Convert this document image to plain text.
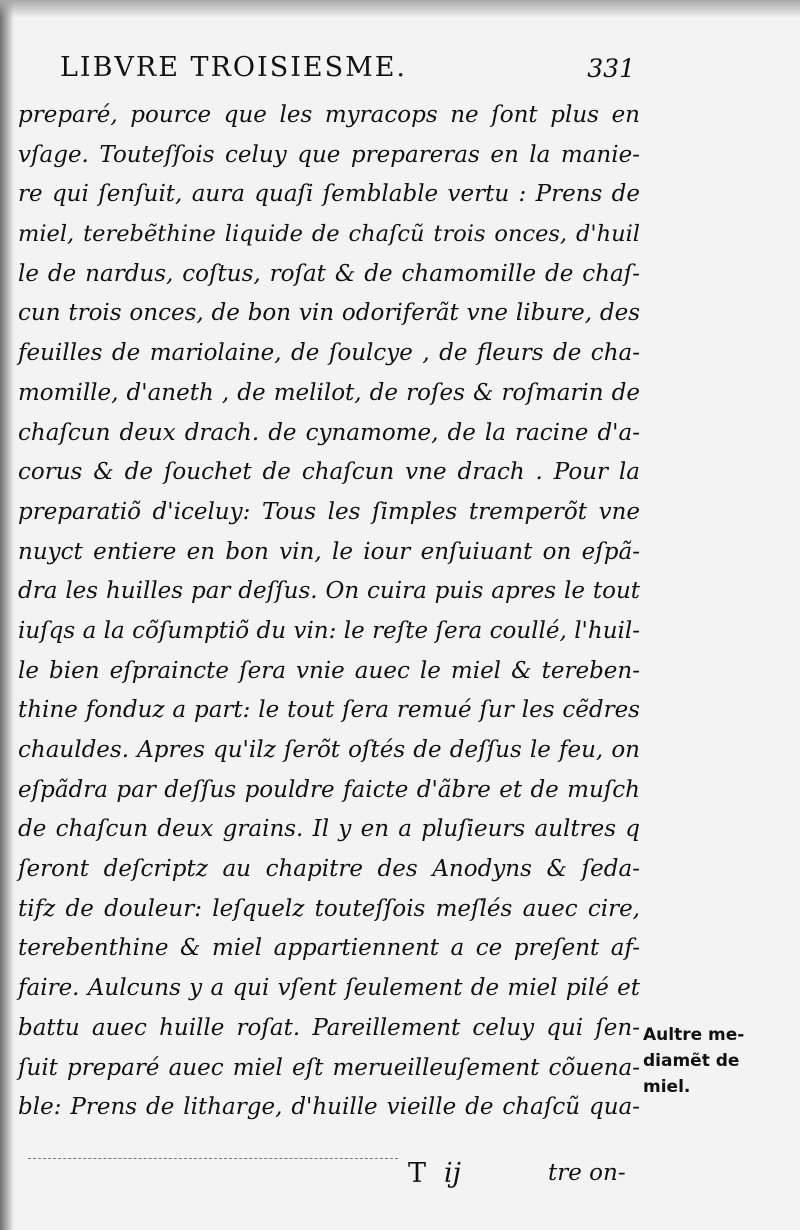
LIBVRE TROISIESME.	331
preparé, pource que les myracops ne ſont plus en
vſage. Touteſſois celuy que prepareras en la manie-
re qui ſenſuit, aura quaſi ſemblable vertu : Prens de
miel, terebẽthine liquide de chaſcũ trois onces, d'huil
le de nardus, coſtus, roſat & de chamomille de chaſ-
cun trois onces, de bon vin odoriferãt vne libure, des
feuilles de mariolaine, de ſoulcye , de fleurs de cha-
momille, d'aneth , de melilot, de roſes & roſmarin de
chaſcun deux drach. de cynamome, de la racine d'a-
corus & de ſouchet de chaſcun vne drach . Pour la
preparatiõ d'iceluy: Tous les ſimples tremperõt vne
nuyct entiere en bon vin, le iour enſuiuant on eſpã-
dra les huilles par deſſus. On cuira puis apres le tout
iuſqs a la cõſumptiõ du vin: le reſte ſera coullé, l'huil-
le bien eſpraincte ſera vnie auec le miel & tereben-
thine fonduz a part: le tout ſera remué ſur les cẽdres
chauldes. Apres qu'ilz ſerõt oſtés de deſſus le feu, on
eſpãdra par deſſus pouldre faicte d'ãbre et de muſch
de chaſcun deux grains. Il y en a pluſieurs aultres q
ſeront deſcriptz au chapitre des Anodyns & ſeda-
tifz de douleur: leſquelz touteſſois meſlés auec cire,
terebenthine & miel appartiennent a ce preſent af-
faire. Aulcuns y a qui vſent ſeulement de miel pilé et
battu auec huille roſat. Pareillement celuy qui ſen-
ſuit preparé auec miel eſt merueilleuſement cõuena-
ble: Prens de litharge, d'huille vieille de chaſcũ qua-
Aultre me-
diamẽt de
miel.
T ij	tre on-
